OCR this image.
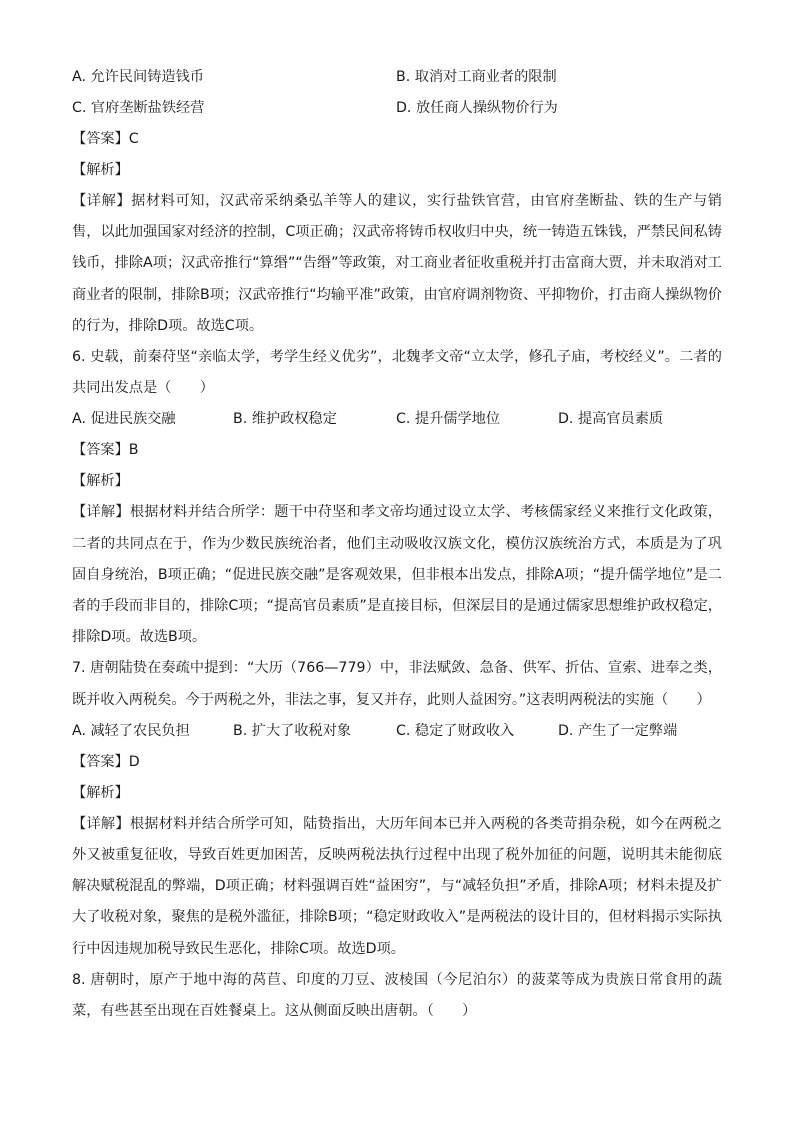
A. 允许民间铸造钱币	B. 取消对工商业者的限制
C. 官府垄断盐铁经营	D. 放任商人操纵物价行为
【答案】C
【解析】
【详解】据材料可知，汉武帝采纳桑弘羊等人的建议，实行盐铁官营，由官府垄断盐、铁的生产与销售，以此加强国家对经济的控制，C项正确；汉武帝将铸币权收归中央，统一铸造五铢钱，严禁民间私铸钱币，排除A项；汉武帝推行“算缗”“告缗”等政策，对工商业者征收重税并打击富商大贾，并未取消对工商业者的限制，排除B项；汉武帝推行“均输平准”政策，由官府调剂物资、平抑物价，打击商人操纵物价的行为，排除D项。故选C项。
6. 史载，前秦苻坚“亲临太学，考学生经义优劣”，北魏孝文帝“立太学，修孔子庙，考校经义”。二者的共同出发点是（　　）
A. 促进民族交融	B. 维护政权稳定	C. 提升儒学地位	D. 提高官员素质
【答案】B
【解析】
【详解】根据材料并结合所学：题干中苻坚和孝文帝均通过设立太学、考核儒家经义来推行文化政策，二者的共同点在于，作为少数民族统治者，他们主动吸收汉族文化，模仿汉族统治方式，本质是为了巩固自身统治，B项正确；“促进民族交融”是客观效果，但非根本出发点，排除A项；“提升儒学地位”是二者的手段而非目的，排除C项；“提高官员素质”是直接目标，但深层目的是通过儒家思想维护政权稳定，排除D项。故选B项。
7. 唐朝陆贽在奏疏中提到：“大历（766—779）中，非法赋敛、急备、供军、折估、宣索、进奉之类，既并收入两税矣。今于两税之外，非法之事，复又并存，此则人益困穷。”这表明两税法的实施（　　）
A. 减轻了农民负担	B. 扩大了收税对象	C. 稳定了财政收入	D. 产生了一定弊端
【答案】D
【解析】
【详解】根据材料并结合所学可知，陆贽指出，大历年间本已并入两税的各类苛捐杂税，如今在两税之外又被重复征收，导致百姓更加困苦，反映两税法执行过程中出现了税外加征的问题，说明其未能彻底解决赋税混乱的弊端，D项正确；材料强调百姓“益困穷”，与“减轻负担”矛盾，排除A项；材料未提及扩大了收税对象，聚焦的是税外滥征，排除B项；“稳定财政收入”是两税法的设计目的，但材料揭示实际执行中因违规加税导致民生恶化，排除C项。故选D项。
8. 唐朝时，原产于地中海的莴苣、印度的刀豆、波棱国（今尼泊尔）的菠菜等成为贵族日常食用的蔬菜，有些甚至出现在百姓餐桌上。这从侧面反映出唐朝。（　　）
